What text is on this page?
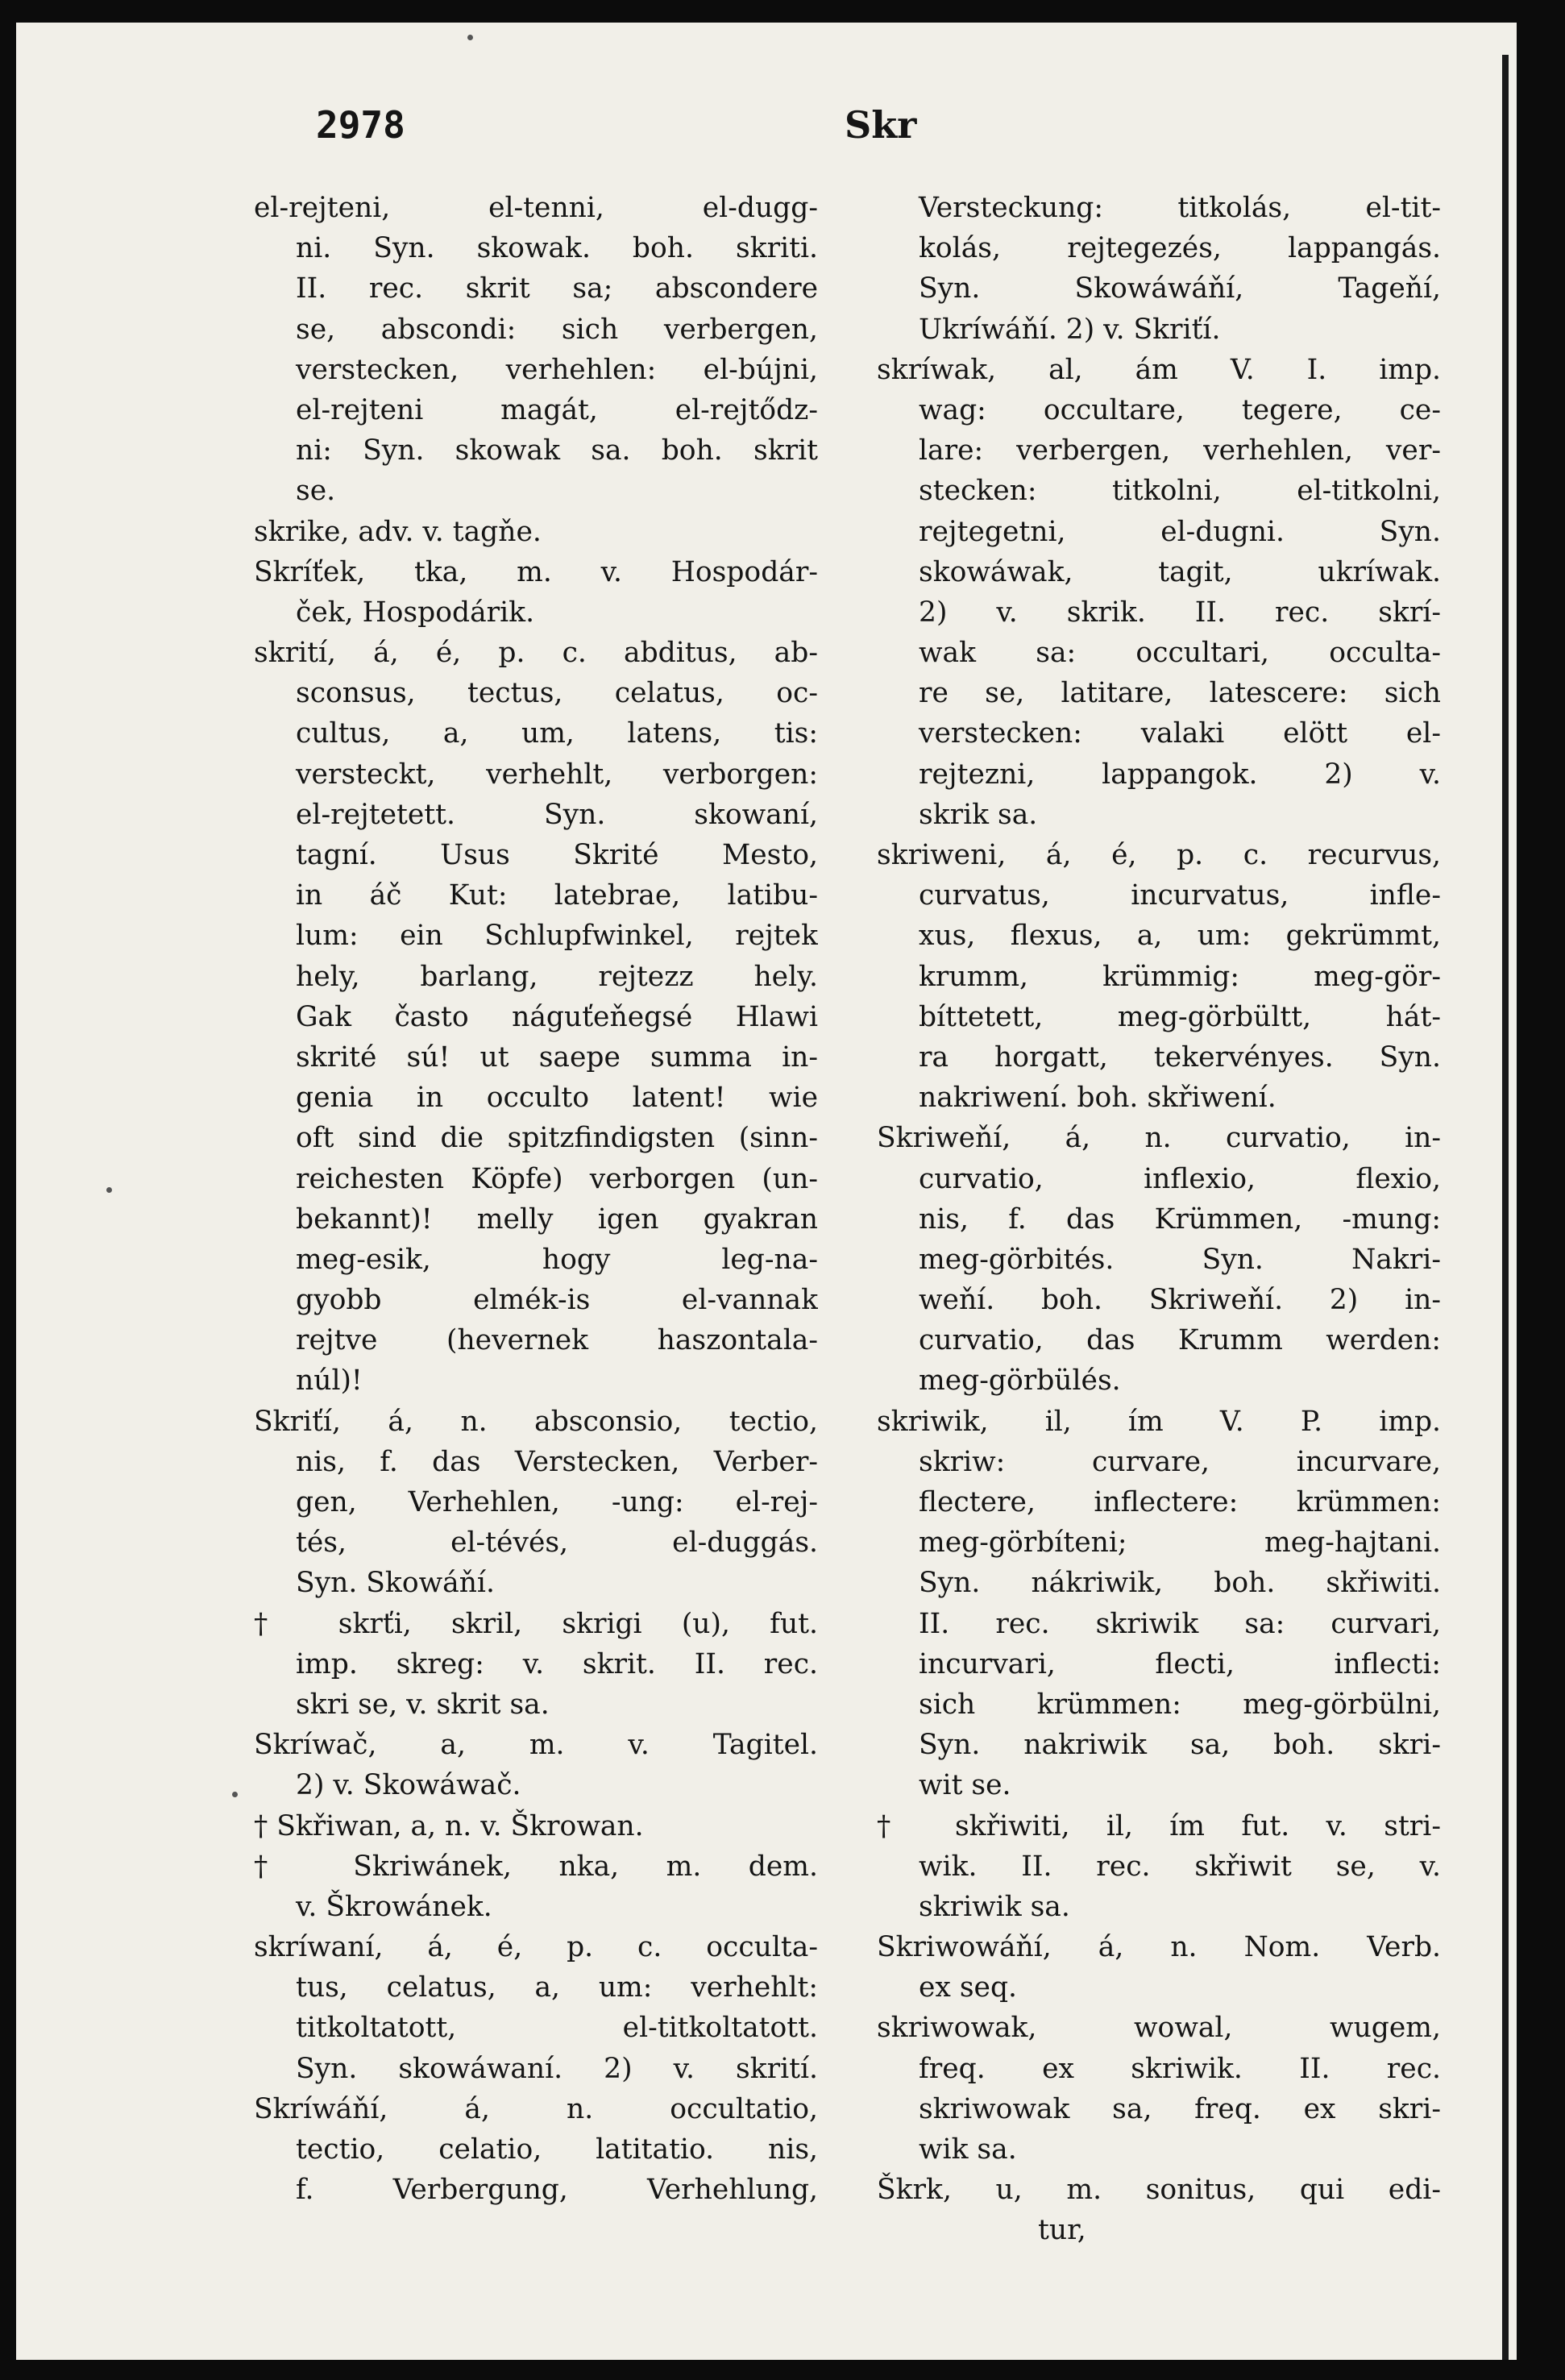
2978	Skr

el-rejteni, el-tenni, el-dugg-

ni. Syn. skowak. boh. skriti.

II. rec. skrit sa; abscondere

se, abscondi: sich verbergen,

verstecken, verhehlen: el-bújni,

el-rejteni magát, el-rejtődz-

ni: Syn. skowak sa. boh. skrit

se.

skrike, adv. v. tagňe.

Skríťek, tka, m. v. Hospodár-

ček, Hospodárik.

skrití, á, é, p. c. abditus, ab-

sconsus, tectus, celatus, oc-

cultus, a, um, latens, tis:

versteckt, verhehlt, verborgen:

el-rejtetett. Syn. skowaní,

tagní. Usus Skrité Mesto,

in áč Kut: latebrae, latibu-

lum: ein Schlupfwinkel, rejtek

hely, barlang, rejtezz hely.

Gak často náguťeňegsé Hlawi

skrité sú! ut saepe summa in-

genia in occulto latent! wie

oft sind die spitzfindigsten (sinn-

reichesten Köpfe) verborgen (un-

bekannt)! melly igen gyakran

meg-esik, hogy leg-na-

gyobb elmék-is el-vannak

rejtve (hevernek haszontala-

núl)!

Skriťí, á, n. absconsio, tectio,

nis, f. das Verstecken, Verber-

gen, Verhehlen, -ung: el-rej-

tés, el-tévés, el-duggás.

Syn. Skowáňí.

† skrťi, skril, skrigi (u), fut.

imp. skreg: v. skrit. II. rec.

skri se, v. skrit sa.

Skríwač, a, m. v. Tagitel.

2) v. Skowáwač.

† Skřiwan, a, n. v. Škrowan.

† Skriwánek, nka, m. dem.

v. Škrowánek.

skríwaní, á, é, p. c. occulta-

tus, celatus, a, um: verhehlt:

titkoltatott, el-titkoltatott.

Syn. skowáwaní. 2) v. skrití.

Skríwáňí, á, n. occultatio,

tectio, celatio, latitatio. nis,

f. Verbergung, Verhehlung,

Versteckung: titkolás, el-tit-

kolás, rejtegezés, lappangás.

Syn. Skowáwáňí, Tageňí,

Ukríwáňí. 2) v. Skriťí.

skríwak, al, ám V. I. imp.

wag: occultare, tegere, ce-

lare: verbergen, verhehlen, ver-

stecken: titkolni, el-titkolni,

rejtegetni, el-dugni. Syn.

skowáwak, tagit, ukríwak.

2) v. skrik. II. rec. skrí-

wak sa: occultari, occulta-

re se, latitare, latescere: sich

verstecken: valaki elött el-

rejtezni, lappangok. 2) v.

skrik sa.

skriweni, á, é, p. c. recurvus,

curvatus, incurvatus, infle-

xus, flexus, a, um: gekrümmt,

krumm, krümmig: meg-gör-

bíttetett, meg-görbültt, hát-

ra horgatt, tekervényes. Syn.

nakriwení. boh. skřiwení.

Skriweňí, á, n. curvatio, in-

curvatio, inflexio, flexio,

nis, f. das Krümmen, -mung:

meg-görbités. Syn. Nakri-

weňí. boh. Skriweňí. 2) in-

curvatio, das Krumm werden:

meg-görbülés.

skriwik, il, ím V. P. imp.

skriw: curvare, incurvare,

flectere, inflectere: krümmen:

meg-görbíteni; meg-hajtani.

Syn. nákriwik, boh. skřiwiti.

II. rec. skriwik sa: curvari,

incurvari, flecti, inflecti:

sich krümmen: meg-görbülni,

Syn. nakriwik sa, boh. skri-

wit se.

† skřiwiti, il, ím fut. v. stri-

wik. II. rec. skřiwit se, v.

skriwik sa.

Skriwowáňí, á, n. Nom. Verb.

ex seq.

skriwowak, wowal, wugem,

freq. ex skriwik. II. rec.

skriwowak sa, freq. ex skri-

wik sa.

Škrk, u, m. sonitus, qui edi-

tur,
